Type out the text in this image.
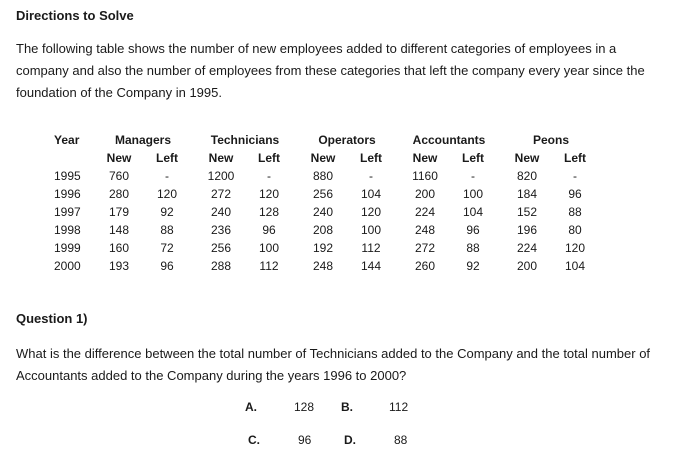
Directions to Solve
The following table shows the number of new employees added to different categories of employees in a company and also the number of employees from these categories that left the company every year since the foundation of the Company in 1995.
Year	Managers			Technicians			Operators			Accountants			Peons	
	New	Left		New	Left		New	Left		New	Left		New	Left
1995	760	-		1200	-		880	-		1160	-		820	-
1996	280	120		272	120		256	104		200	100		184	96
1997	179	92		240	128		240	120		224	104		152	88
1998	148	88		236	96		208	100		248	96		196	80
1999	160	72		256	100		192	112		272	88		224	120
2000	193	96		288	112		248	144		260	92		200	104
Question 1)
What is the difference between the total number of Technicians added to the Company and the total number of Accountants added to the Company during the years 1996 to 2000?
A.	128 B.	112
C.	96	D.	88
